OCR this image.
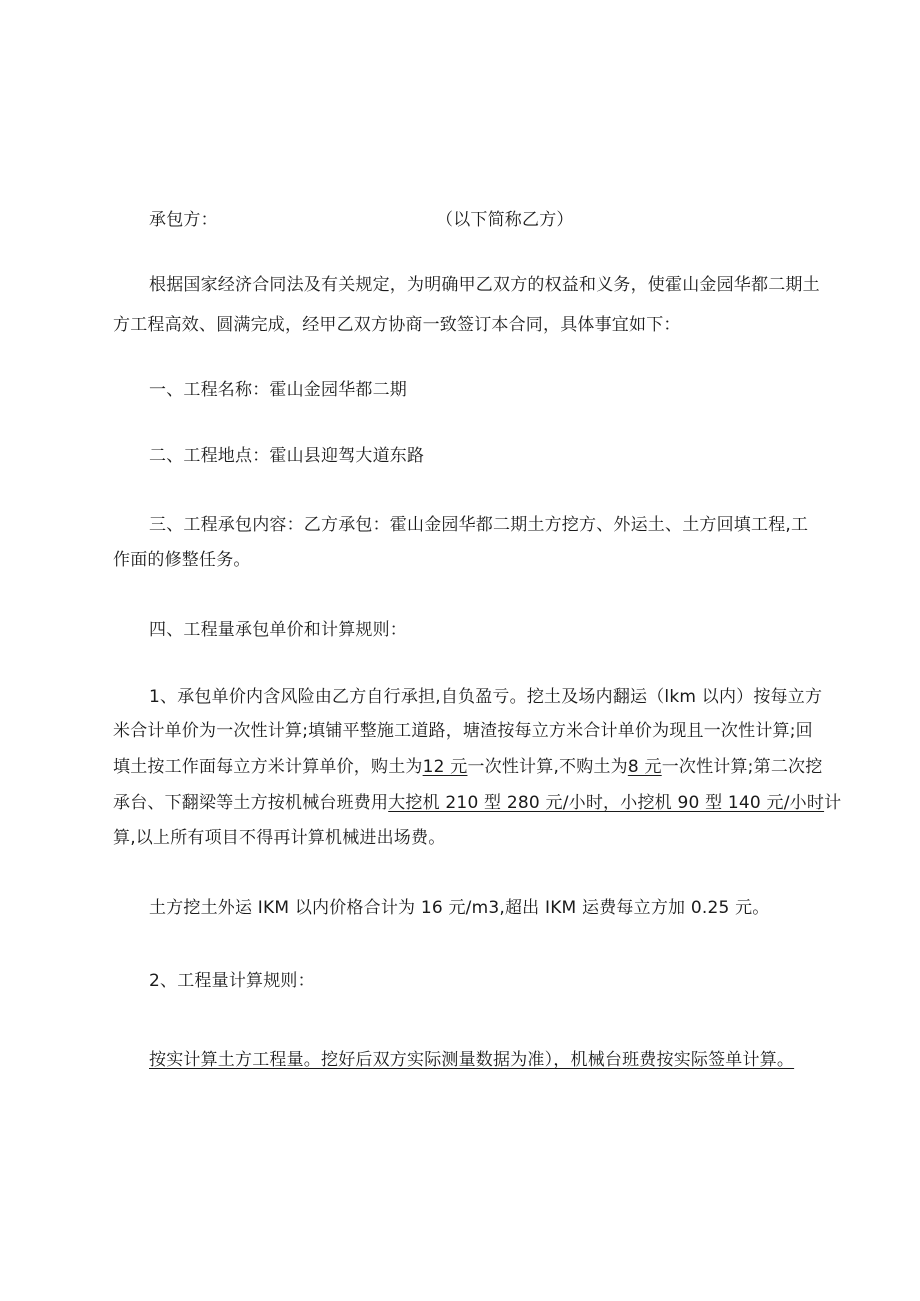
承包方：	（以下简称乙方）
根据国家经济合同法及有关规定，为明确甲乙双方的权益和义务，使霍山金园华都二期土
方工程高效、圆满完成，经甲乙双方协商一致签订本合同，具体事宜如下：
一、工程名称：霍山金园华都二期
二、工程地点：霍山县迎驾大道东路
三、工程承包内容：乙方承包：霍山金园华都二期土方挖方、外运土、土方回填工程,工
作面的修整任务。
四、工程量承包单价和计算规则：
1、承包单价内含风险由乙方自行承担,自负盈亏。挖土及场内翻运（lkm 以内）按每立方
米合计单价为一次性计算;填铺平整施工道路，塘渣按每立方米合计单价为现且一次性计算;回
填土按工作面每立方米计算单价，购土为12 元一次性计算,不购土为8 元一次性计算;第二次挖
承台、下翻梁等土方按机械台班费用大挖机 210 型 280 元/小时，小挖机 90 型 140 元/小时计
算,以上所有项目不得再计算机械进出场费。
土方挖土外运 IKM 以内价格合计为 16 元/m3,超出 IKM 运费每立方加 0.25 元。
2、工程量计算规则：
按实计算土方工程量。挖好后双方实际测量数据为准），机械台班费按实际签单计算。
